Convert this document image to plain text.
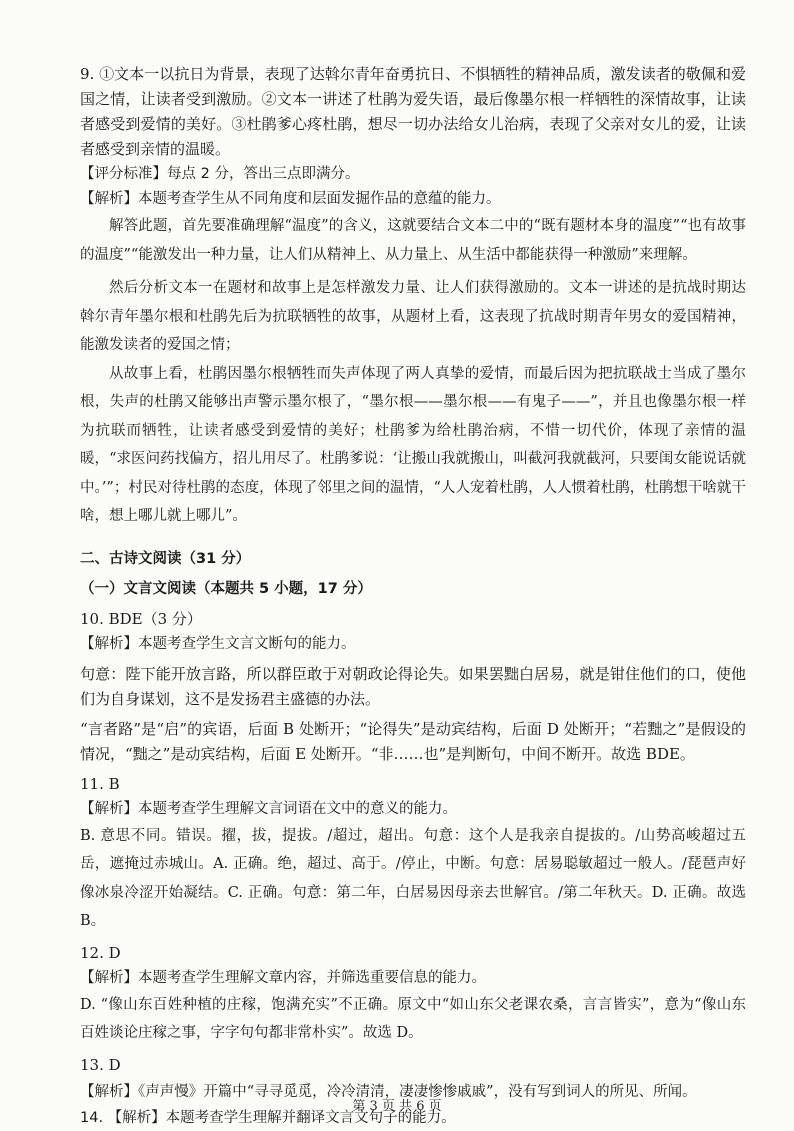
9. ①文本一以抗日为背景，表现了达斡尔青年奋勇抗日、不惧牺牲的精神品质，激发读者的敬佩和爱国之情，让读者受到激励。②文本一讲述了杜鹃为爱失语，最后像墨尔根一样牺牲的深情故事，让读者感受到爱情的美好。③杜鹃爹心疼杜鹃，想尽一切办法给女儿治病，表现了父亲对女儿的爱，让读者感受到亲情的温暖。

【评分标准】每点 2 分，答出三点即满分。

【解析】本题考查学生从不同角度和层面发掘作品的意蕴的能力。

解答此题，首先要准确理解“温度”的含义，这就要结合文本二中的“既有题材本身的温度”“也有故事的温度”“能激发出一种力量，让人们从精神上、从力量上、从生活中都能获得一种激励”来理解。

然后分析文本一在题材和故事上是怎样激发力量、让人们获得激励的。文本一讲述的是抗战时期达斡尔青年墨尔根和杜鹃先后为抗联牺牲的故事，从题材上看，这表现了抗战时期青年男女的爱国精神，能激发读者的爱国之情；

从故事上看，杜鹃因墨尔根牺牲而失声体现了两人真挚的爱情，而最后因为把抗联战士当成了墨尔根，失声的杜鹃又能够出声警示墨尔根了，“墨尔根——墨尔根——有鬼子——”，并且也像墨尔根一样为抗联而牺牲，让读者感受到爱情的美好；杜鹃爹为给杜鹃治病，不惜一切代价，体现了亲情的温暖，“求医问药找偏方，招儿用尽了。杜鹃爹说：‘让搬山我就搬山，叫截河我就截河，只要闺女能说话就中。’”；村民对待杜鹃的态度，体现了邻里之间的温情，“人人宠着杜鹃，人人惯着杜鹃，杜鹃想干啥就干啥，想上哪儿就上哪儿”。

二、古诗文阅读（31 分）

（一）文言文阅读（本题共 5 小题，17 分）

10. BDE（3 分）

【解析】本题考查学生文言文断句的能力。

句意：陛下能开放言路，所以群臣敢于对朝政论得论失。如果罢黜白居易，就是钳住他们的口，使他们为自身谋划，这不是发扬君主盛德的办法。

“言者路”是“启”的宾语，后面 B 处断开；“论得失”是动宾结构，后面 D 处断开；“若黜之”是假设的情况，“黜之”是动宾结构，后面 E 处断开。“非……也”是判断句，中间不断开。故选 BDE。

11. B

【解析】本题考查学生理解文言词语在文中的意义的能力。

B. 意思不同。错误。擢，拔，提拔。/超过，超出。句意：这个人是我亲自提拔的。/山势高峻超过五岳，遮掩过赤城山。A. 正确。绝，超过、高于。/停止，中断。句意：居易聪敏超过一般人。/琵琶声好像冰泉冷涩开始凝结。C. 正确。句意：第二年，白居易因母亲去世解官。/第二年秋天。D. 正确。故选 B。

12. D

【解析】本题考查学生理解文章内容，并筛选重要信息的能力。

D. “像山东百姓种植的庄稼，饱满充实”不正确。原文中“如山东父老课农桑，言言皆实”，意为“像山东百姓谈论庄稼之事，字字句句都非常朴实”。故选 D。

13. D

【解析】《声声慢》开篇中“寻寻觅觅，冷冷清清，凄凄惨惨戚戚”，没有写到词人的所见、所闻。

14. 【解析】本题考查学生理解并翻译文言文句子的能力。

第 3 页 共 6 页
